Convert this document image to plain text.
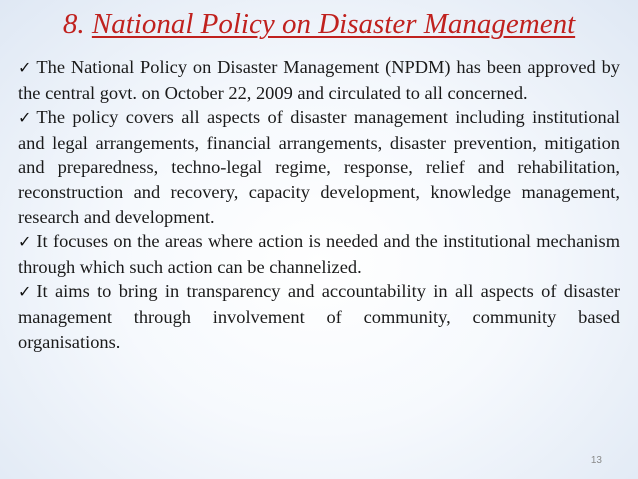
8. National Policy on Disaster Management

✓ The National Policy on Disaster Management (NPDM) has been approved by the central govt. on October 22, 2009 and circulated to all concerned.

✓ The policy covers all aspects of disaster management including institutional and legal arrangements, financial arrangements, disaster prevention, mitigation and preparedness, techno-legal regime, response, relief and rehabilitation, reconstruction and recovery, capacity development, knowledge management, research and development.

✓ It focuses on the areas where action is needed and the institutional mechanism through which such action can be channelized.

✓ It aims to bring in transparency and accountability in all aspects of disaster management through involvement of community, community based organisations.

13
